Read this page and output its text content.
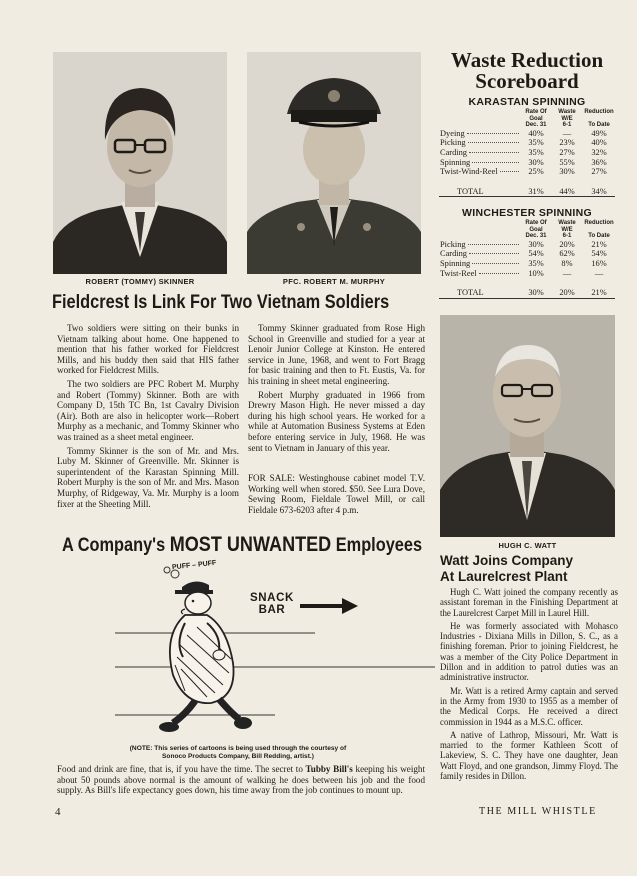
ROBERT (TOMMY) SKINNER	PFC. ROBERT M. MURPHY
Fieldcrest Is Link For Two Vietnam Soldiers

Two soldiers were sitting on their bunks in Vietnam talking about home. One happened to mention that his father worked for Fieldcrest Mills, and his buddy then said that HIS father worked for Fieldcrest Mills.

The two soldiers are PFC Robert M. Murphy and Robert (Tommy) Skinner. Both are with Company D, 15th TC Bn, 1st Cavalry Division (Air). Both are also in helicopter work—Robert Murphy as a mechanic, and Tommy Skinner who was trained as a sheet metal engineer.

Tommy Skinner is the son of Mr. and Mrs. Luby M. Skinner of Greenville. Mr. Skinner is superintendent of the Karastan Spinning Mill. Robert Murphy is the son of Mr. and Mrs. Mason Murphy, of Ridgeway, Va. Mr. Murphy is a loom fixer at the Sheeting Mill.

Tommy Skinner graduated from Rose High School in Greenville and studied for a year at Lenoir Junior College at Kinston. He entered service in June, 1968, and went to Fort Bragg for basic training and then to Ft. Eustis, Va. for his training in sheet metal engineering.

Robert Murphy graduated in 1966 from Drewry Mason High. He never missed a day during his high school years. He worked for a while at Automation Business Systems at Eden before entering service in July, 1968. He was sent to Vietnam in January of this year.

FOR SALE: Westinghouse cabinet model T.V. Working well when stored. $50. See Lura Dove, Sewing Room, Fieldale Towel Mill, or call Fieldale 673-6203 after 4 p.m.

A Company's MOST UNWANTED Employees
PUFF – PUFF
SNACK
BAR
(NOTE: This series of cartoons is being used through the courtesy of Sonoco Products Company, Bill Redding, artist.)

Food and drink are fine, that is, if you have the time. The secret to Tubby Bill's keeping his weight about 50 pounds above normal is the amount of walking he does between his job and the food supply. As Bill's life expectancy goes down, his time away from the job continues to mount up.

Waste Reduction
Scoreboard
KARASTAN SPINNING
	Rate Of
Goal
Dec. 31	Waste
W/E
6-1	Reduction

To Date
Dyeing	40%	—	49%
Picking	35%	23%	40%
Carding	35%	27%	32%
Spinning	30%	55%	36%
Twist-Wind-Reel	25%	30%	27%

TOTAL	31%	44%	34%

WINCHESTER SPINNING
	Rate Of
Goal
Dec. 31	Waste
W/E
6-1	Reduction

To Date
Picking	30%	20%	21%
Carding	54%	62%	54%
Spinning	35%	8%	16%
Twist-Reel	10%	—	—

TOTAL	30%	20%	21%

HUGH C. WATT
Watt Joins Company
At Laurelcrest Plant

Hugh C. Watt joined the company recently as assistant foreman in the Finishing Department at the Laurelcrest Carpet Mill in Laurel Hill.

He was formerly associated with Mohasco Industries - Dixiana Mills in Dillon, S. C., as a finishing foreman. Prior to joining Fieldcrest, he was a member of the City Police Department in Dillon and in addition to patrol duties was an administrative instructor.

Mr. Watt is a retired Army captain and served in the Army from 1930 to 1955 as a member of the Medical Corps. He received a direct commission in 1944 as a M.S.C. officer.

A native of Lathrop, Missouri, Mr. Watt is married to the former Kathleen Scott of Lakeview, S. C. They have one daughter, Jean Watt Floyd, and one grandson, Jimmy Floyd. The family resides in Dillon.

4	THE MILL WHISTLE
